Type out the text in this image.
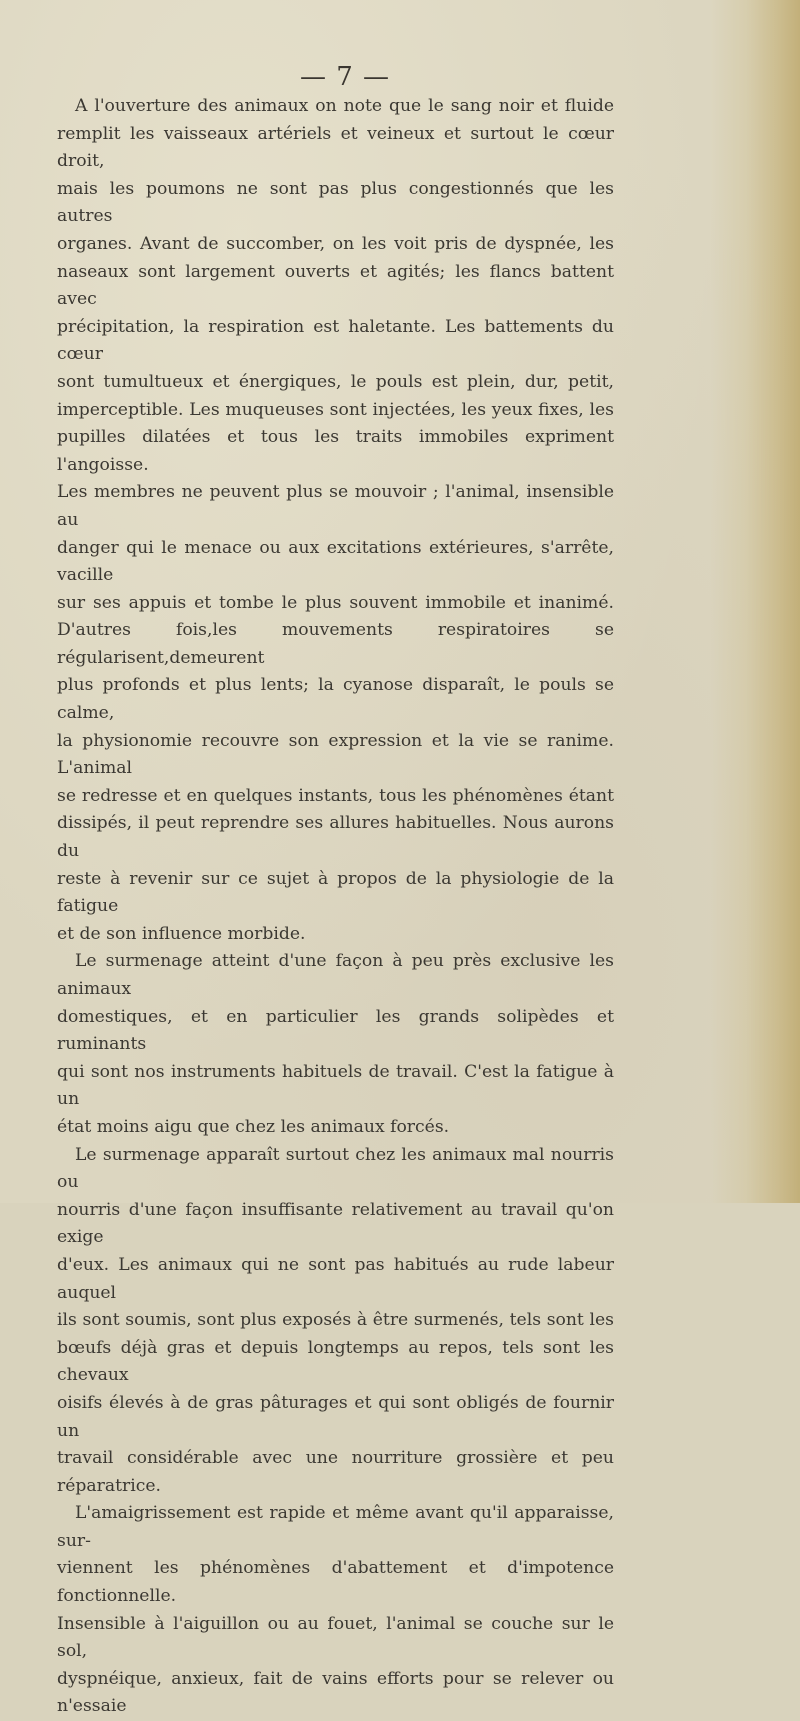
— 7 —

A l'ouverture des animaux on note que le sang noir et fluide

remplit les vaisseaux artériels et veineux et surtout le cœur droit,

mais les poumons ne sont pas plus congestionnés que les autres

organes. Avant de succomber, on les voit pris de dyspnée, les

naseaux sont largement ouverts et agités; les flancs battent avec

précipitation, la respiration est haletante. Les battements du cœur

sont tumultueux et énergiques, le pouls est plein, dur, petit,

imperceptible. Les muqueuses sont injectées, les yeux fixes, les

pupilles dilatées et tous les traits immobiles expriment l'angoisse.

Les membres ne peuvent plus se mouvoir ; l'animal, insensible au

danger qui le menace ou aux excitations extérieures, s'arrête, vacille

sur ses appuis et tombe le plus souvent immobile et inanimé.

D'autres fois,les mouvements respiratoires se régularisent,demeurent

plus profonds et plus lents; la cyanose disparaît, le pouls se calme,

la physionomie recouvre son expression et la vie se ranime. L'animal

se redresse et en quelques instants, tous les phénomènes étant

dissipés, il peut reprendre ses allures habituelles. Nous aurons du

reste à revenir sur ce sujet à propos de la physiologie de la fatigue

et de son influence morbide.

Le surmenage atteint d'une façon à peu près exclusive les animaux

domestiques, et en particulier les grands solipèdes et ruminants

qui sont nos instruments habituels de travail. C'est la fatigue à un

état moins aigu que chez les animaux forcés.

Le surmenage apparaît surtout chez les animaux mal nourris ou

nourris d'une façon insuffisante relativement au travail qu'on exige

d'eux. Les animaux qui ne sont pas habitués au rude labeur auquel

ils sont soumis, sont plus exposés à être surmenés, tels sont les

bœufs déjà gras et depuis longtemps au repos, tels sont les chevaux

oisifs élevés à de gras pâturages et qui sont obligés de fournir un

travail considérable avec une nourriture grossière et peu réparatrice.

L'amaigrissement est rapide et même avant qu'il apparaisse, sur-

viennent les phénomènes d'abattement et d'impotence fonctionnelle.

Insensible à l'aiguillon ou au fouet, l'animal se couche sur le sol,

dyspnéique, anxieux, fait de vains efforts pour se relever ou n'essaie
